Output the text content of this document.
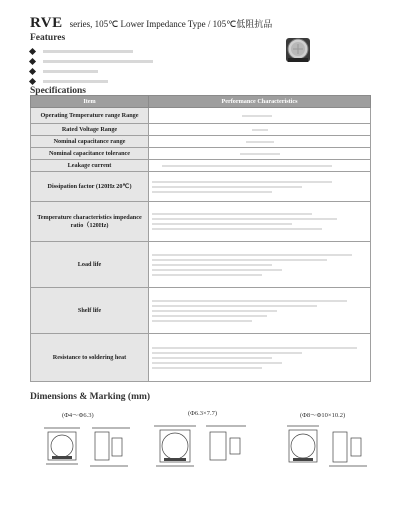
RVE series, 105℃ Lower Impedance Type / 105℃低阻抗品
Features
Specifications
Item	Performance Characteristics
Operating Temperature range Range	

Rated Voltage Range	

Nominal capacitance range	

Nominal capacitance tolerance	

Leakage current	

Dissipation factor (120Hz 20℃)	

Temperature characteristics impedance ratio（120Hz)	

Load life	

Shelf life	

Resistance to soldering heat	
Dimensions & Marking (mm)
(Φ4～Φ6.3)	(Φ6.3×7.7)	(Φ8～Φ10×10.2)
